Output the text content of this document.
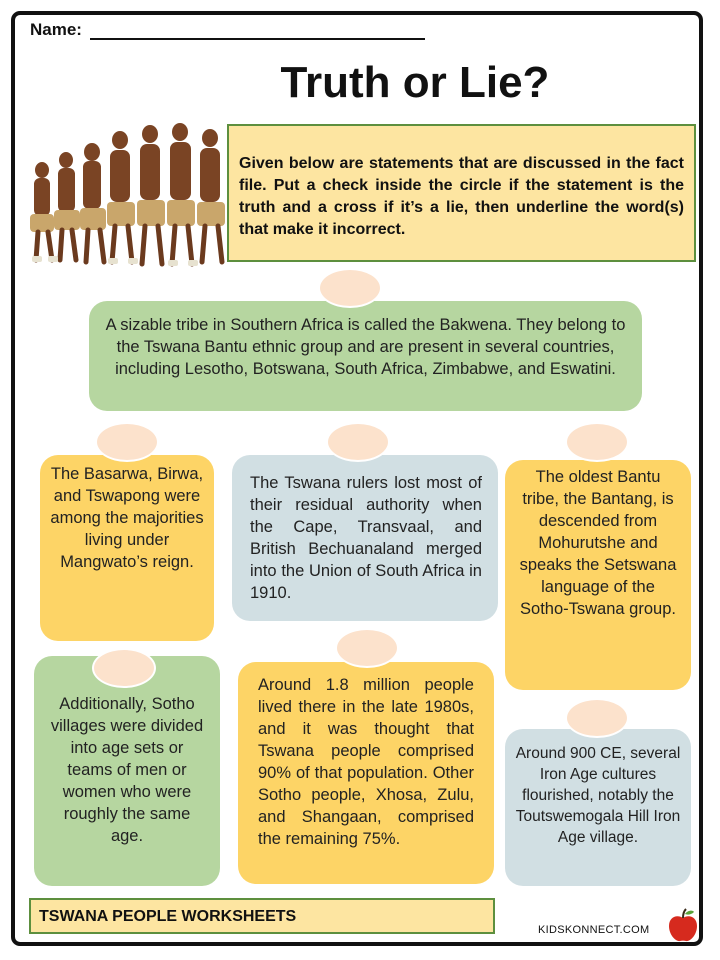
Name:
Truth or Lie?
Given below are statements that are discussed in the fact file. Put a check inside the circle if the statement is the truth and a cross if it’s a lie, then underline the word(s) that make it incorrect.
A sizable tribe in Southern Africa is called the Bakwena. They belong to the Tswana Bantu ethnic group and are present in several countries, including Lesotho, Botswana, South Africa, Zimbabwe, and Eswatini.
The Basarwa, Birwa, and Tswapong were among the majorities living under Mangwato’s reign.
The Tswana rulers lost most of their residual authority when the Cape, Transvaal, and British Bechuanaland merged into the Union of South Africa in 1910.
The oldest Bantu tribe, the Bantang, is descended from Mohurutshe and speaks the Setswana language of the Sotho-Tswana group.
Additionally, Sotho villages were divided into age sets or teams of men or women who were roughly the same age.
Around 1.8 million people lived there in the late 1980s, and it was thought that Tswana people comprised 90% of that population. Other Sotho people, Xhosa, Zulu, and Shangaan, comprised the remaining 75%.
Around 900 CE, several Iron Age cultures flourished, notably the Toutswemogala Hill Iron Age village.
TSWANA PEOPLE WORKSHEETS
KIDSKONNECT.COM
